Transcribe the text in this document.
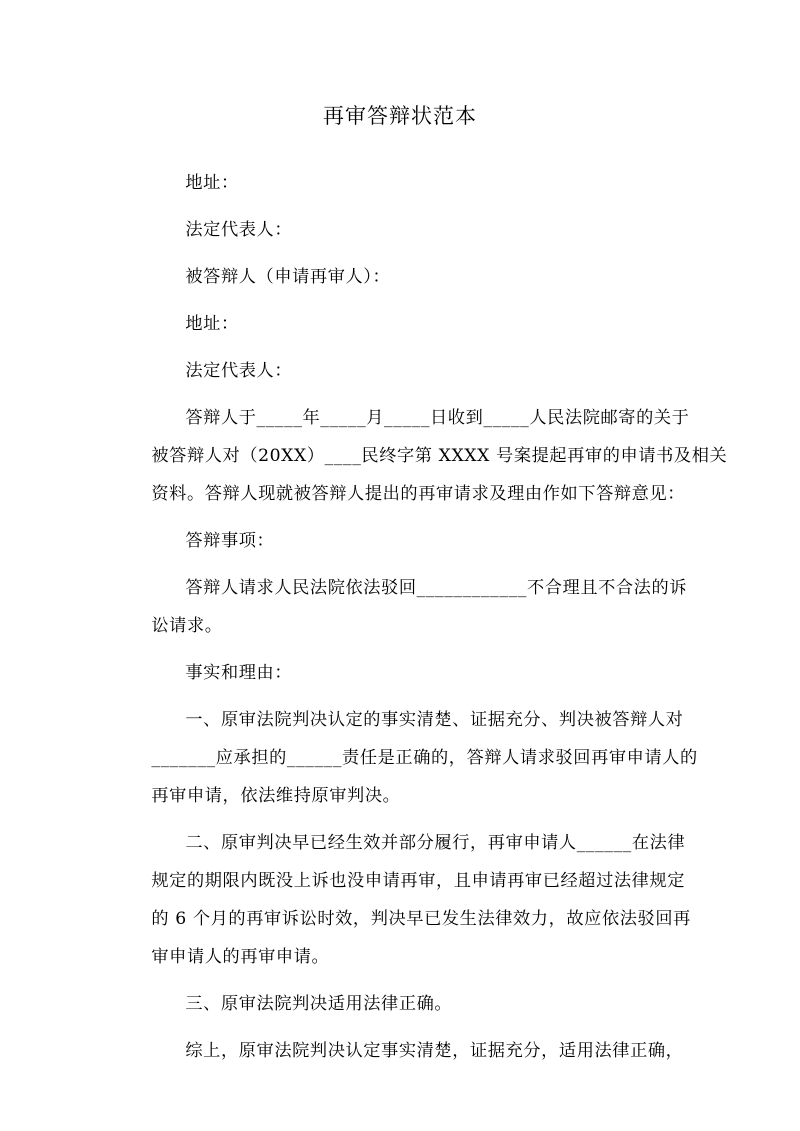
再审答辩状范本

地址：

法定代表人：

被答辩人（申请再审人）：

地址：

法定代表人：

答辩人于_____年_____月_____日收到_____人民法院邮寄的关于
被答辩人对（20XX）____民终字第 XXXX 号案提起再审的申请书及相关
资料。答辩人现就被答辩人提出的再审请求及理由作如下答辩意见：

答辩事项：

答辩人请求人民法院依法驳回____________不合理且不合法的诉
讼请求。

事实和理由：

一、原审法院判决认定的事实清楚、证据充分、判决被答辩人对
_______应承担的______责任是正确的，答辩人请求驳回再审申请人的
再审申请，依法维持原审判决。

二、原审判决早已经生效并部分履行，再审申请人______在法律
规定的期限内既没上诉也没申请再审，且申请再审已经超过法律规定
的 6 个月的再审诉讼时效，判决早已发生法律效力，故应依法驳回再
审申请人的再审申请。

三、原审法院判决适用法律正确。

综上，原审法院判决认定事实清楚，证据充分，适用法律正确，
